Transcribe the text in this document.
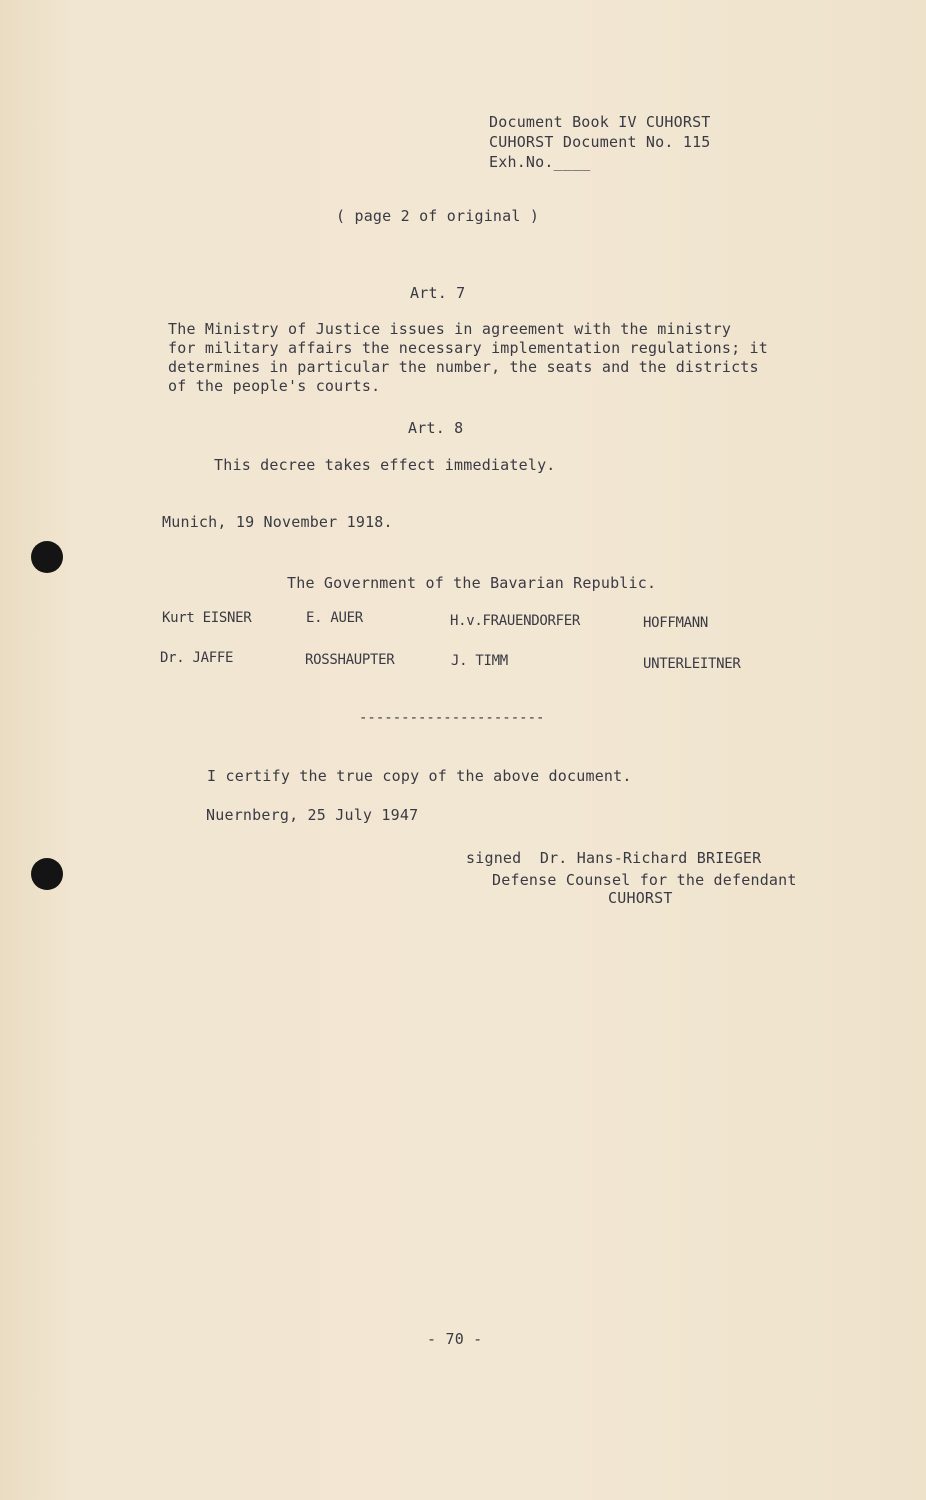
Document Book IV CUHORST
CUHORST Document No. 115
Exh.No.____
( page 2 of original )
Art. 7
The Ministry of Justice issues in agreement with the ministry
for military affairs the necessary implementation regulations; it
determines in particular the number, the seats and the districts
of the people's courts.
Art. 8
This decree takes effect immediately.
Munich, 19 November 1918.
The Government of the Bavarian Republic.
Kurt EISNER	E. AUER	H.v.FRAUENDORFER	HOFFMANN
Dr. JAFFE	ROSSHAUPTER	J. TIMM	UNTERLEITNER
----------------------
I certify the true copy of the above document.
Nuernberg, 25 July 1947
signed  Dr. Hans-Richard BRIEGER
Defense Counsel for the defendant
CUHORST
- 70 -
